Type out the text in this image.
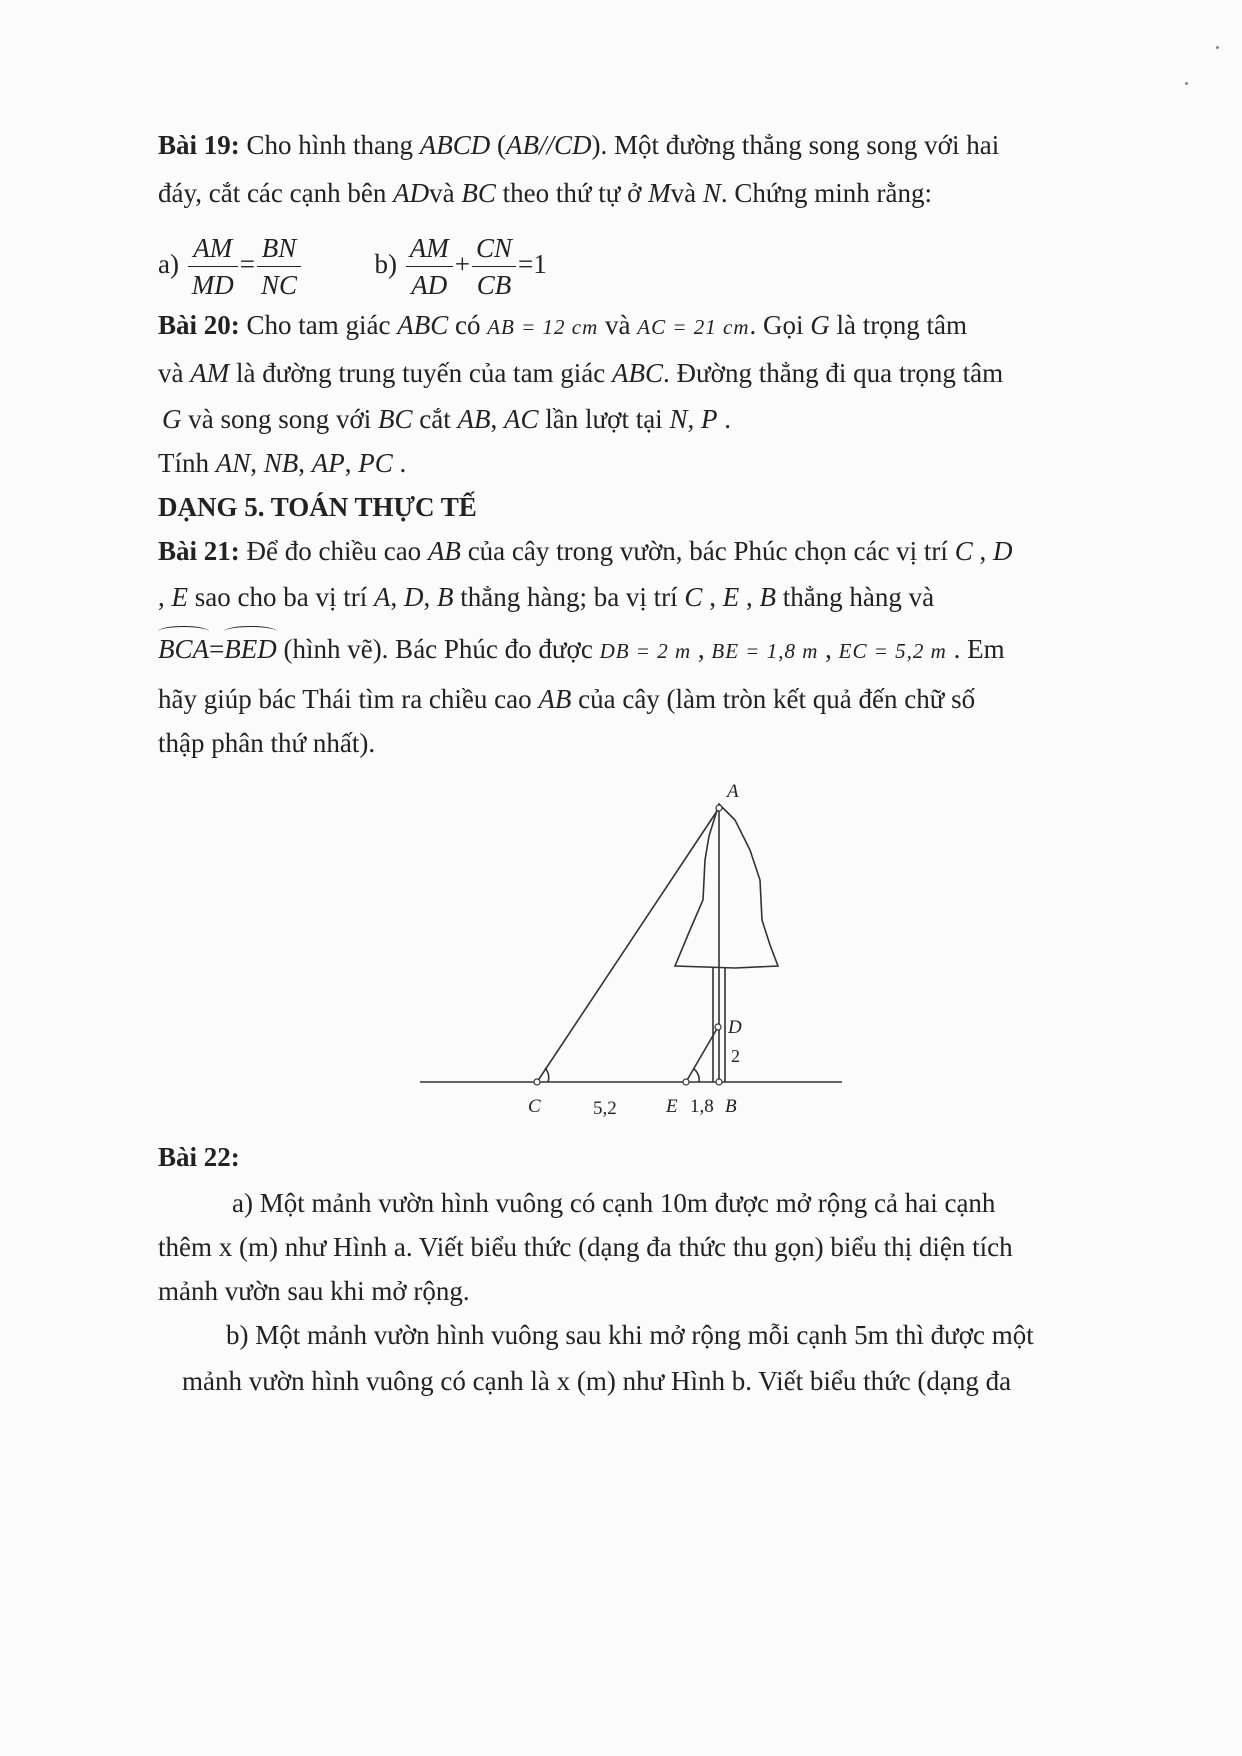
Bài 19: Cho hình thang ABCD (AB//CD). Một đường thẳng song song với hai
đáy, cắt các cạnh bên ADvà BC theo thứ tự ở Mvà N. Chứng minh rằng:
$a) \frac{AM}{MD} = \frac{BN}{NC}$	$b) \frac{AM}{AD} + \frac{CN}{CB} =1$
Bài 20: Cho tam giác ABC có AB = 12 cm và AC = 21 cm. Gọi G là trọng tâm
và AM là đường trung tuyến của tam giác ABC. Đường thẳng đi qua trọng tâm
G và song song với BC cắt AB, AC lần lượt tại N, P .
Tính AN, NB, AP, PC .
DẠNG 5. TOÁN THỰC TẾ
Bài 21: Để đo chiều cao AB của cây trong vườn, bác Phúc chọn các vị trí C , D
, E sao cho ba vị trí A, D, B thẳng hàng; ba vị trí C , E , B thẳng hàng và
BCA=BED (hình vẽ). Bác Phúc đo được DB = 2 m , BE = 1,8 m , EC = 5,2 m . Em
hãy giúp bác Thái tìm ra chiều cao AB của cây (làm tròn kết quả đến chữ số
thập phân thứ nhất).
A
D
2
C	5,2	E 1,8 B
Bài 22:
a) Một mảnh vườn hình vuông có cạnh 10m được mở rộng cả hai cạnh
thêm x (m) như Hình a. Viết biểu thức (dạng đa thức thu gọn) biểu thị diện tích
mảnh vườn sau khi mở rộng.
b) Một mảnh vườn hình vuông sau khi mở rộng mỗi cạnh 5m thì được một
mảnh vườn hình vuông có cạnh là x (m) như Hình b. Viết biểu thức (dạng đa
